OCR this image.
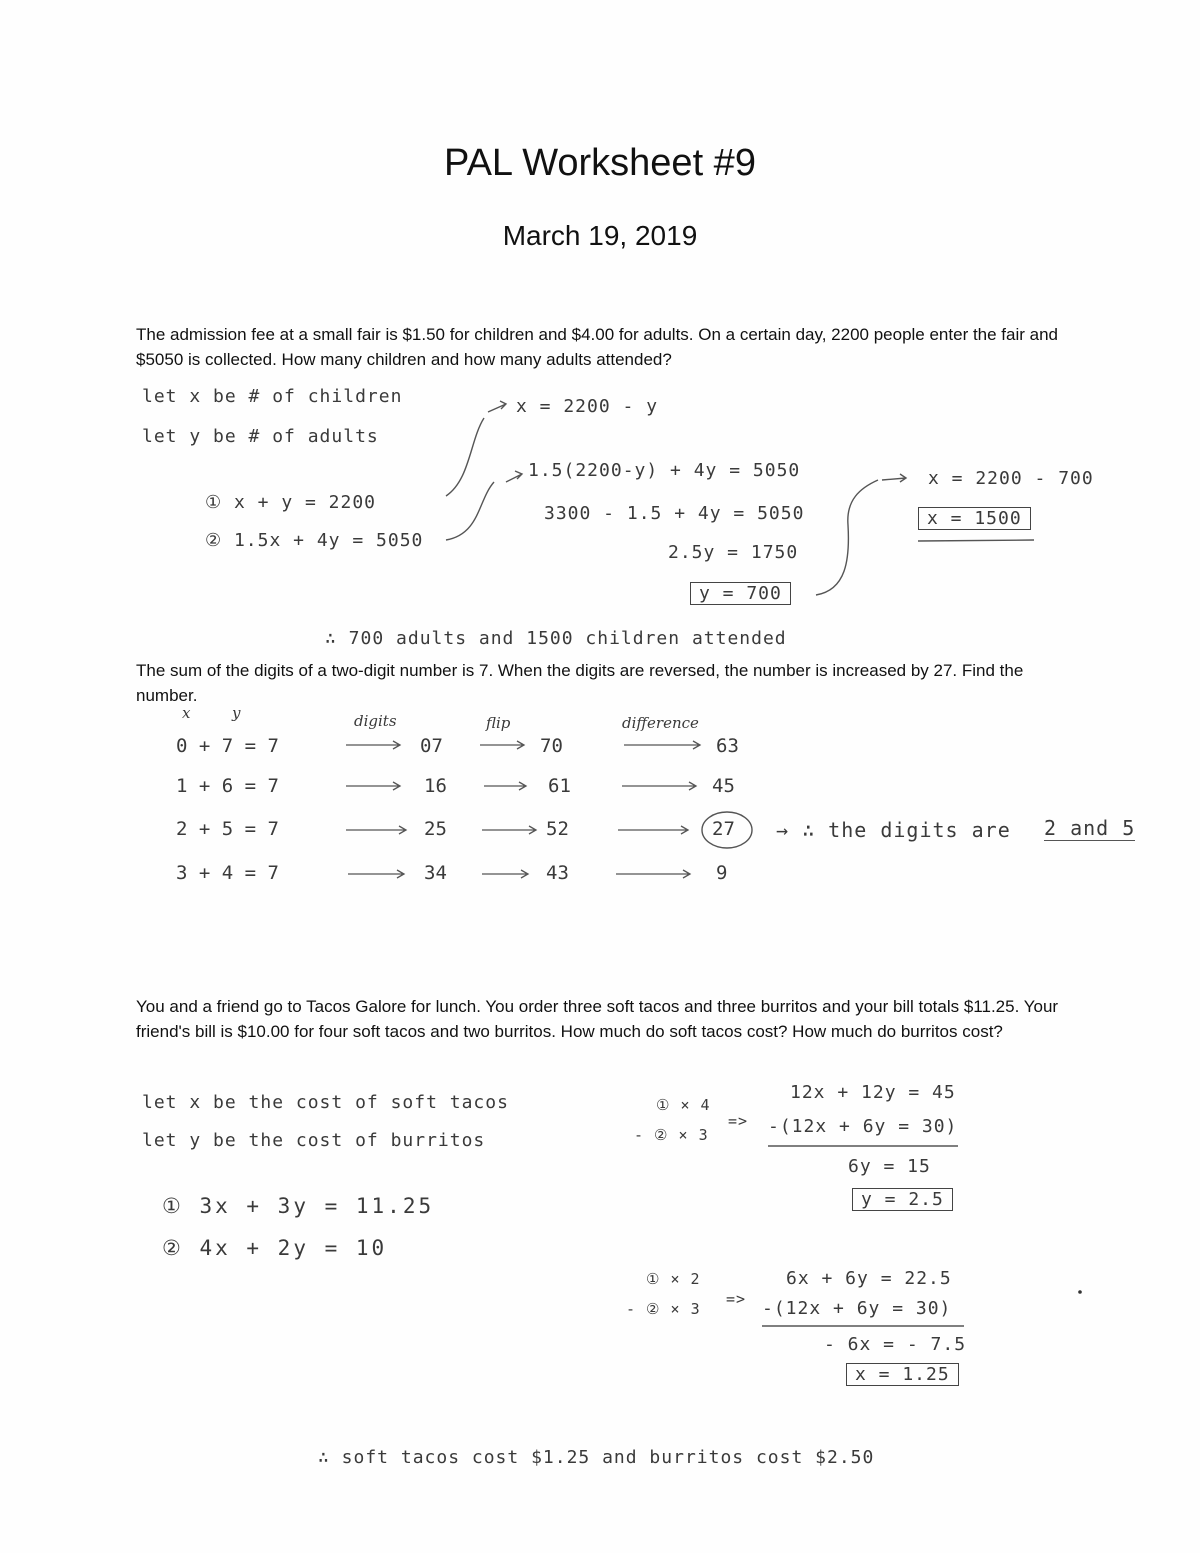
PAL Worksheet #9
March 19, 2019
The admission fee at a small fair is $1.50 for children and $4.00 for adults. On a certain day, 2200 people enter the fair and $5050 is collected. How many children and how many adults attended?
let x be # of children
let y be # of adults
① x + y = 2200
② 1.5x + 4y = 5050
x = 2200 - y
1.5(2200-y) + 4y = 5050
3300 - 1.5 + 4y = 5050
2.5y = 1750
y = 700
x = 2200 - 700
x = 1500
∴ 700 adults and 1500 children attended
The sum of the digits of a two-digit number is 7. When the digits are reversed, the number is increased by 27. Find the number.
x	y	digits	flip	difference
0 + 7 = 7	07	70	63
1 + 6 = 7	16	61	45
2 + 5 = 7	25	52	27
3 + 4 = 7	34	43	9
→ ∴ the digits are 2 and 5
You and a friend go to Tacos Galore for lunch. You order three soft tacos and three burritos and your bill totals $11.25. Your friend's bill is $10.00 for four soft tacos and two burritos. How much do soft tacos cost? How much do burritos cost?
let x be the cost of soft tacos
let y be the cost of burritos
① 3x + 3y = 11.25
② 4x + 2y = 10
① × 4
- ② × 3
=>
12x + 12y = 45
-(12x + 6y = 30)
6y = 15
y = 2.5
① × 2
- ② × 3
=>
6x + 6y = 22.5
-(12x + 6y = 30)
- 6x = - 7.5
x = 1.25
∴ soft tacos cost $1.25 and burritos cost $2.50
